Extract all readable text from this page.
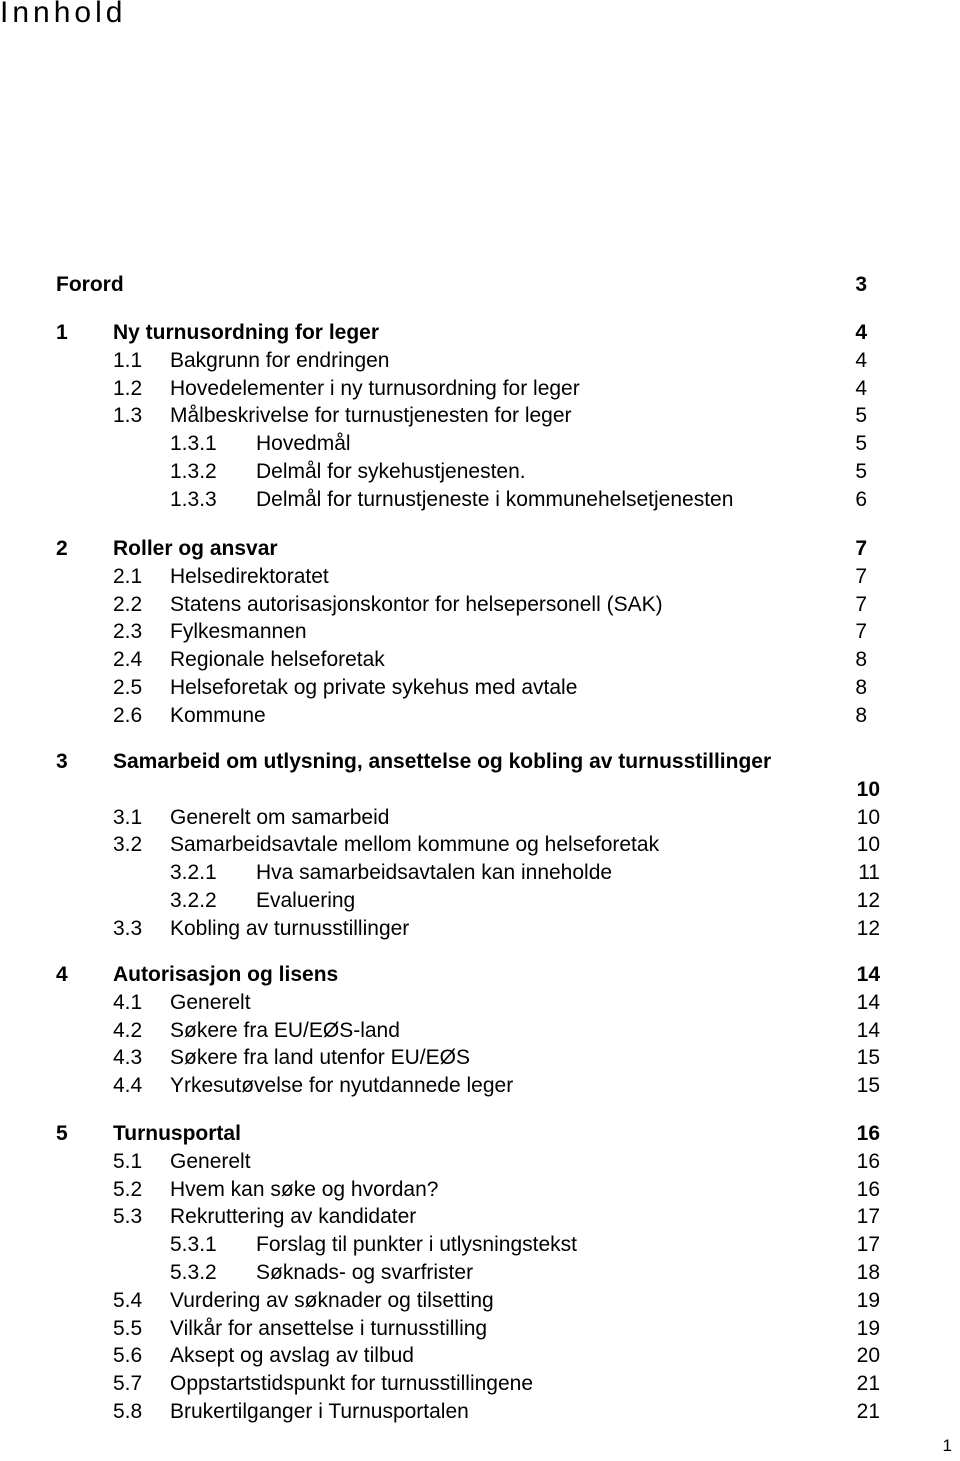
Innhold
Forord	3
1 Ny turnusordning for leger	4
1.1 Bakgrunn for endringen	4
1.2 Hovedelementer i ny turnusordning for leger	4
1.3 Målbeskrivelse for turnustjenesten for leger	5
1.3.1 Hovedmål	5
1.3.2 Delmål for sykehustjenesten.	5
1.3.3 Delmål for turnustjeneste i kommunehelsetjenesten	6
2 Roller og ansvar	7
2.1 Helsedirektoratet	7
2.2 Statens autorisasjonskontor for helsepersonell (SAK)	7
2.3 Fylkesmannen	7
2.4 Regionale helseforetak	8
2.5 Helseforetak og private sykehus med avtale	8
2.6 Kommune	8
3 Samarbeid om utlysning, ansettelse og kobling av turnusstillinger
10
3.1 Generelt om samarbeid	10
3.2 Samarbeidsavtale mellom kommune og helseforetak	10
3.2.1 Hva samarbeidsavtalen kan inneholde	11
3.2.2 Evaluering	12
3.3 Kobling av turnusstillinger	12
4 Autorisasjon og lisens	14
4.1 Generelt	14
4.2 Søkere fra EU/EØS-land	14
4.3 Søkere fra land utenfor EU/EØS	15
4.4 Yrkesutøvelse for nyutdannede leger	15
5 Turnusportal	16
5.1 Generelt	16
5.2 Hvem kan søke og hvordan?	16
5.3 Rekruttering av kandidater	17
5.3.1 Forslag til punkter i utlysningstekst	17
5.3.2 Søknads- og svarfrister	18
5.4 Vurdering av søknader og tilsetting	19
5.5 Vilkår for ansettelse i turnusstilling	19
5.6 Aksept og avslag av tilbud	20
5.7 Oppstartstidspunkt for turnusstillingene	21
5.8 Brukertilganger i Turnusportalen	21
1
